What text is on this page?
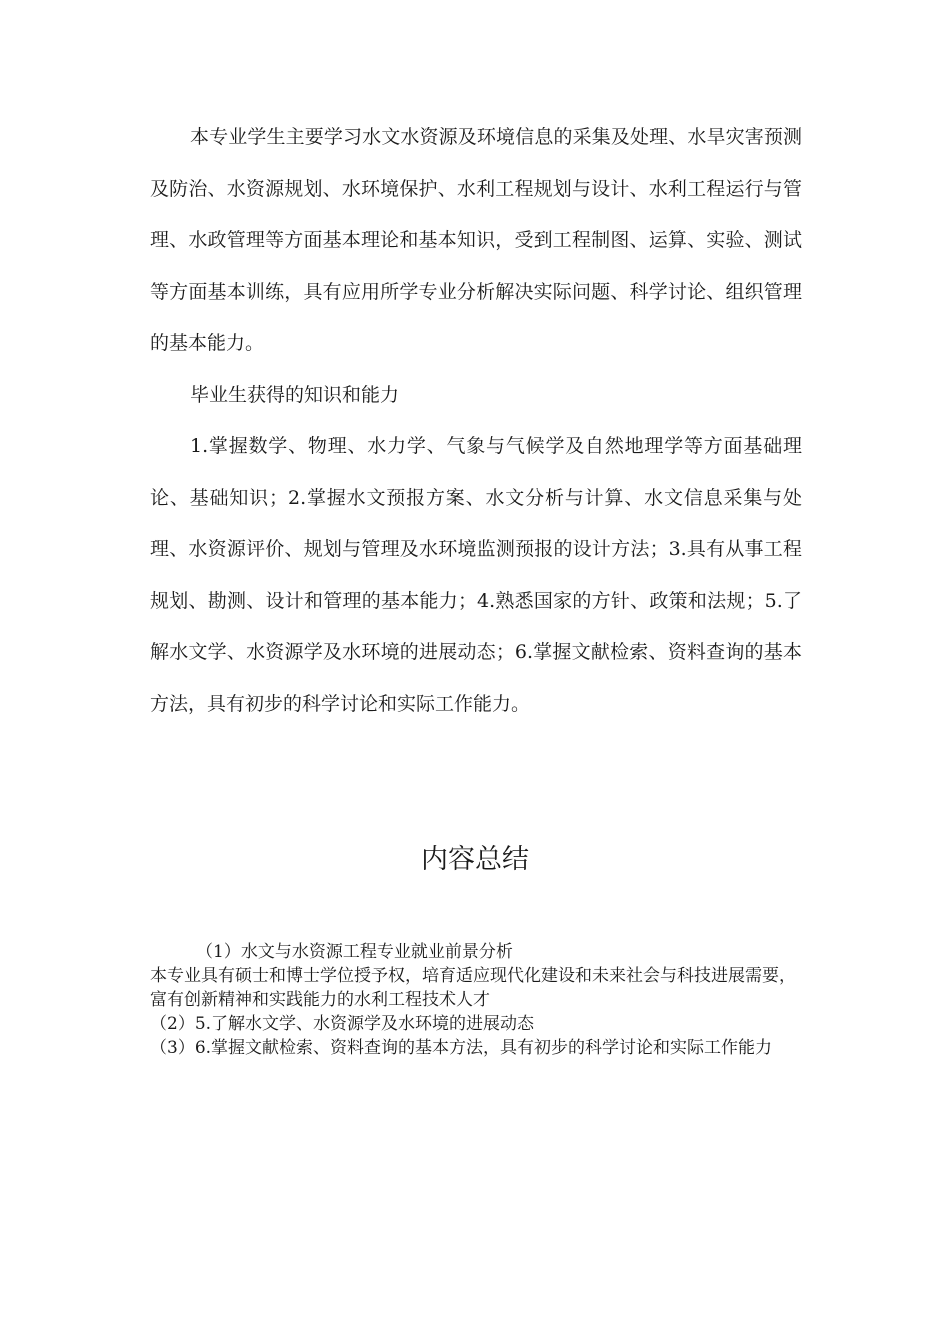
本专业学生主要学习水文水资源及环境信息的采集及处理、水旱灾害预测及防治、水资源规划、水环境保护、水利工程规划与设计、水利工程运行与管理、水政管理等方面基本理论和基本知识，受到工程制图、运算、实验、测试等方面基本训练，具有应用所学专业分析解决实际问题、科学讨论、组织管理的基本能力。

毕业生获得的知识和能力

1.掌握数学、物理、水力学、气象与气候学及自然地理学等方面基础理论、基础知识；2.掌握水文预报方案、水文分析与计算、水文信息采集与处理、水资源评价、规划与管理及水环境监测预报的设计方法；3.具有从事工程规划、勘测、设计和管理的基本能力；4.熟悉国家的方针、政策和法规；5.了解水文学、水资源学及水环境的进展动态；6.掌握文献检索、资料查询的基本方法，具有初步的科学讨论和实际工作能力。

内容总结
（1）水文与水资源工程专业就业前景分析
本专业具有硕士和博士学位授予权，培育适应现代化建设和未来社会与科技进展需要，富有创新精神和实践能力的水利工程技术人才
（2）5.了解水文学、水资源学及水环境的进展动态
（3）6.掌握文献检索、资料查询的基本方法，具有初步的科学讨论和实际工作能力
